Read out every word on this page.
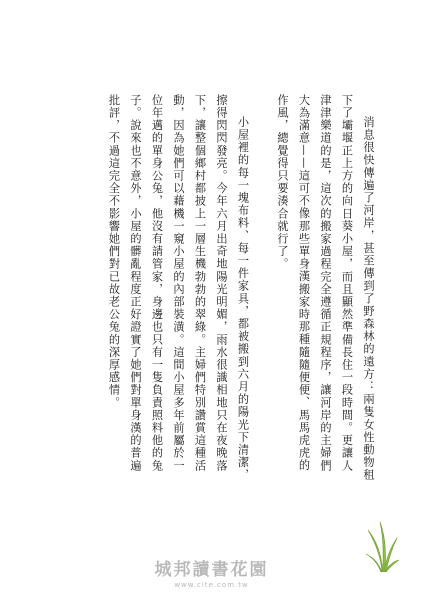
消息很快傳遍了河岸，甚至傳到了野森林的遠方：兩隻女性動物租下了壩堰正上方的向日葵小屋，而且顯然準備長住一段時間。更讓人津津樂道的是，這次的搬家過程完全遵循正規程序，讓河岸的主婦們大為滿意——這可不像那些單身漢搬家時那種隨隨便便、馬馬虎虎的作風，總覺得只要湊合就行了。

小屋裡的每一塊布料、每一件家具，都被搬到六月的陽光下清潔，擦得閃閃發亮。今年六月出奇地陽光明媚，雨水很識相地只在夜晚落下，讓整個鄉村都披上一層生機勃勃的翠綠。主婦們特別讚賞這種活動，因為她們可以藉機一窺小屋的內部裝潢。這間小屋多年前屬於一位年邁的單身公兔，他沒有請管家，身邊也只有一隻負責照料他的兔子。說來也不意外，小屋的髒亂程度正好證實了她們對單身漢的普遍批評，不過這完全不影響她們對已故老公兔的深厚感情。

城邦讀書花園
www.cite.com.tw
